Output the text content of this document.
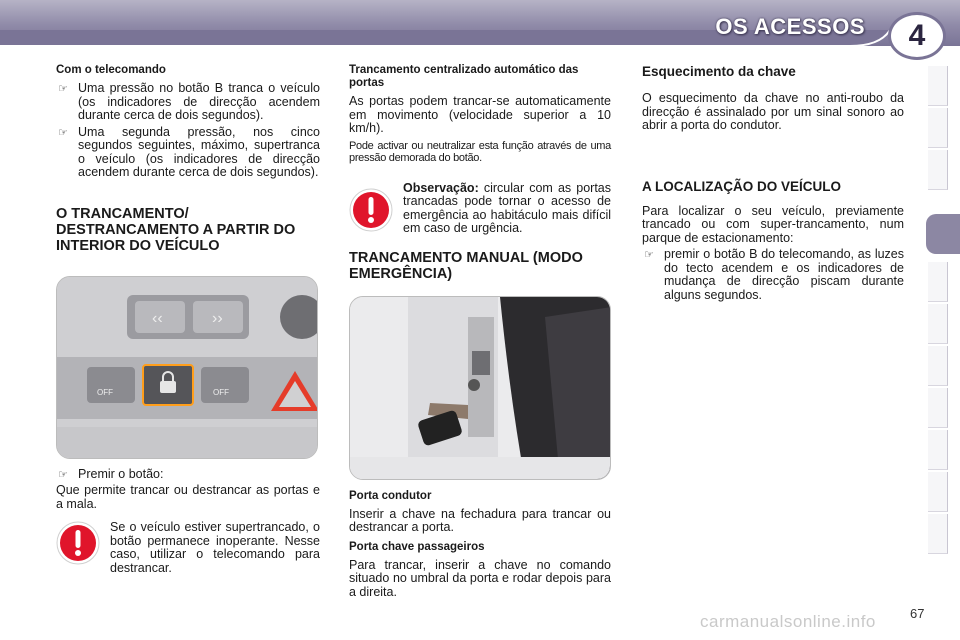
OS ACESSOS	4
Com o telecomando
☞ Uma pressão no botão B tranca o veículo (os indicadores de direcção acendem durante cerca de dois segundos).
☞ Uma segunda pressão, nos cinco segundos seguintes, máximo, supertranca o veículo (os indicadores de direcção acendem durante cerca de dois segundos).
O TRANCAMENTO/ DESTRANCAMENTO A PARTIR DO INTERIOR DO VEÍCULO
‹‹	››
OFF	OFF
☞ Premir o botão:

Que permite trancar ou destrancar as portas e a mala.

Se o veículo estiver supertrancado, o botão permanece inoperante. Nesse caso, utilizar o telecomando para destrancar.

Trancamento centralizado automático das portas

As portas podem trancar-se automaticamente em movimento (velocidade superior a 10 km/h).

Pode activar ou neutralizar esta função através de uma pressão demorada do botão.

Observação: circular com as portas trancadas pode tornar o acesso de emergência ao habitáculo mais difícil em caso de urgência.

TRANCAMENTO MANUAL (MODO EMERGÊNCIA)
Porta condutor

Inserir a chave na fechadura para trancar ou destrancar a porta.

Porta chave passageiros

Para trancar, inserir a chave no comando situado no umbral da porta e rodar depois para a direita.

Esquecimento da chave

O esquecimento da chave no anti-roubo da direcção é assinalado por um sinal sonoro ao abrir a porta do condutor.

A LOCALIZAÇÃO DO VEÍCULO

Para localizar o seu veículo, previamente trancado ou com super-trancamento, num parque de estacionamento:

☞ premir o botão B do telecomando, as luzes do tecto acendem e os indicadores de mudança de direcção piscam durante alguns segundos.
carmanualsonline.info	67
